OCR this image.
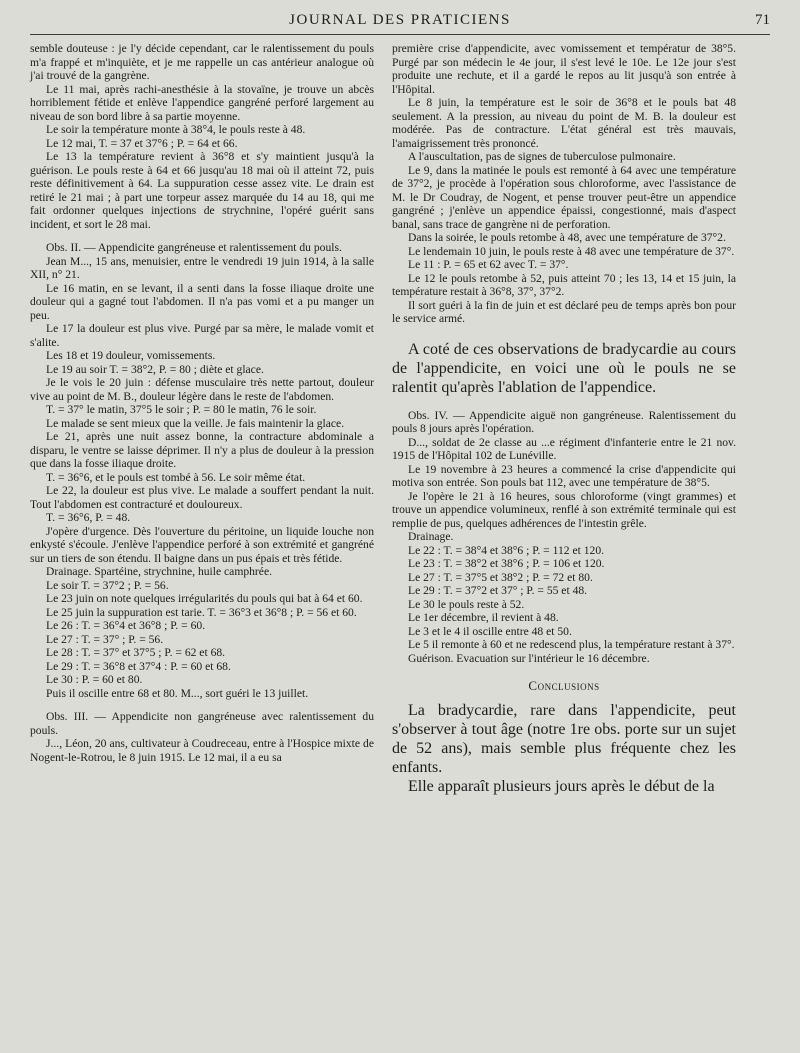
JOURNAL DES PRATICIENS	71

semble douteuse : je l'y décide cependant, car le ralentissement du pouls m'a frappé et m'inquiète, et je me rappelle un cas antérieur analogue où j'ai trouvé de la gangrène.

Le 11 mai, après rachi-anesthésie à la stovaïne, je trouve un abcès horriblement fétide et enlève l'appendice gangréné perforé largement au niveau de son bord libre à sa partie moyenne.

Le soir la température monte à 38°4, le pouls reste à 48.

Le 12 mai, T. = 37 et 37°6 ; P. = 64 et 66.

Le 13 la température revient à 36°8 et s'y maintient jusqu'à la guérison. Le pouls reste à 64 et 66 jusqu'au 18 mai où il atteint 72, puis reste définitivement à 64. La suppuration cesse assez vite. Le drain est retiré le 21 mai ; à part une torpeur assez marquée du 14 au 18, qui me fait ordonner quelques injections de strychnine, l'opéré guérit sans incident, et sort le 28 mai.

Obs. II. — Appendicite gangréneuse et ralentissement du pouls.

Jean M..., 15 ans, menuisier, entre le vendredi 19 juin 1914, à la salle XII, n° 21.

Le 16 matin, en se levant, il a senti dans la fosse iliaque droite une douleur qui a gagné tout l'abdomen. Il n'a pas vomi et a pu manger un peu.

Le 17 la douleur est plus vive. Purgé par sa mère, le malade vomit et s'alite.

Les 18 et 19 douleur, vomissements.

Le 19 au soir T. = 38°2, P. = 80 ; diète et glace.

Je le vois le 20 juin : défense musculaire très nette partout, douleur vive au point de M. B., douleur légère dans le reste de l'abdomen.

T. = 37° le matin, 37°5 le soir ; P. = 80 le matin, 76 le soir.

Le malade se sent mieux que la veille. Je fais maintenir la glace.

Le 21, après une nuit assez bonne, la contracture abdominale a disparu, le ventre se laisse déprimer. Il n'y a plus de douleur à la pression que dans la fosse iliaque droite.

T. = 36°6, et le pouls est tombé à 56. Le soir même état.

Le 22, la douleur est plus vive. Le malade a souffert pendant la nuit. Tout l'abdomen est contracturé et douloureux.

T. = 36°6, P. = 48.

J'opère d'urgence. Dès l'ouverture du péritoine, un liquide louche non enkysté s'écoule. J'enlève l'appendice perforé à son extrémité et gangréné sur un tiers de son étendu. Il baigne dans un pus épais et très fétide.

Drainage. Spartéine, strychnine, huile camphrée.

Le soir T. = 37°2 ; P. = 56.

Le 23 juin on note quelques irrégularités du pouls qui bat à 64 et 60.

Le 25 juin la suppuration est tarie. T. = 36°3 et 36°8 ; P. = 56 et 60.

Le 26 : T. = 36°4 et 36°8 ; P. = 60.

Le 27 : T. = 37° ; P. = 56.

Le 28 : T. = 37° et 37°5 ; P. = 62 et 68.

Le 29 : T. = 36°8 et 37°4 : P. = 60 et 68.

Le 30 : P. = 60 et 80.

Puis il oscille entre 68 et 80. M..., sort guéri le 13 juillet.

Obs. III. — Appendicite non gangréneuse avec ralentissement du pouls.

J..., Léon, 20 ans, cultivateur à Coudreceau, entre à l'Hospice mixte de Nogent-le-Rotrou, le 8 juin 1915. Le 12 mai, il a eu sa

première crise d'appendicite, avec vomissement et températur de 38°5. Purgé par son médecin le 4e jour, il s'est levé le 10e. Le 12e jour s'est produite une rechute, et il a gardé le repos au lit jusqu'à son entrée à l'Hôpital.

Le 8 juin, la température est le soir de 36°8 et le pouls bat 48 seulement. A la pression, au niveau du point de M. B. la douleur est modérée. Pas de contracture. L'état général est très mauvais, l'amaigrissement très prononcé.

A l'auscultation, pas de signes de tuberculose pulmonaire.

Le 9, dans la matinée le pouls est remonté à 64 avec une température de 37°2, je procède à l'opération sous chloroforme, avec l'assistance de M. le Dr Coudray, de Nogent, et pense trouver peut-être un appendice gangréné ; j'enlève un appendice épaissi, congestionné, mais d'aspect banal, sans trace de gangrène ni de perforation.

Dans la soirée, le pouls retombe à 48, avec une température de 37°2.

Le lendemain 10 juin, le pouls reste à 48 avec une température de 37°.

Le 11 : P. = 65 et 62 avec T. = 37°.

Le 12 le pouls retombe à 52, puis atteint 70 ; les 13, 14 et 15 juin, la température restait à 36°8, 37°, 37°2.

Il sort guéri à la fin de juin et est déclaré peu de temps après bon pour le service armé.

A coté de ces observations de bradycardie au cours de l'appendicite, en voici une où le pouls ne se ralentit qu'après l'ablation de l'appendice.

Obs. IV. — Appendicite aiguë non gangréneuse. Ralentissement du pouls 8 jours après l'opération.

D..., soldat de 2e classe au ...e régiment d'infanterie entre le 21 nov. 1915 de l'Hôpital 102 de Lunéville.

Le 19 novembre à 23 heures a commencé la crise d'appendicite qui motiva son entrée. Son pouls bat 112, avec une température de 38°5.

Je l'opère le 21 à 16 heures, sous chloroforme (vingt grammes) et trouve un appendice volumineux, renflé à son extrémité terminale qui est remplie de pus, quelques adhérences de l'intestin grêle.

Drainage.

Le 22 : T. = 38°4 et 38°6 ; P. = 112 et 120.

Le 23 : T. = 38°2 et 38°6 ; P. = 106 et 120.

Le 27 : T. = 37°5 et 38°2 ; P. = 72 et 80.

Le 29 : T. = 37°2 et 37° ; P. = 55 et 48.

Le 30 le pouls reste à 52.

Le 1er décembre, il revient à 48.

Le 3 et le 4 il oscille entre 48 et 50.

Le 5 il remonte à 60 et ne redescend plus, la température restant à 37°.

Guérison. Evacuation sur l'intérieur le 16 décembre.

Conclusions

La bradycardie, rare dans l'appendicite, peut s'observer à tout âge (notre 1re obs. porte sur un sujet de 52 ans), mais semble plus fréquente chez les enfants.

Elle apparaît plusieurs jours après le début de la
